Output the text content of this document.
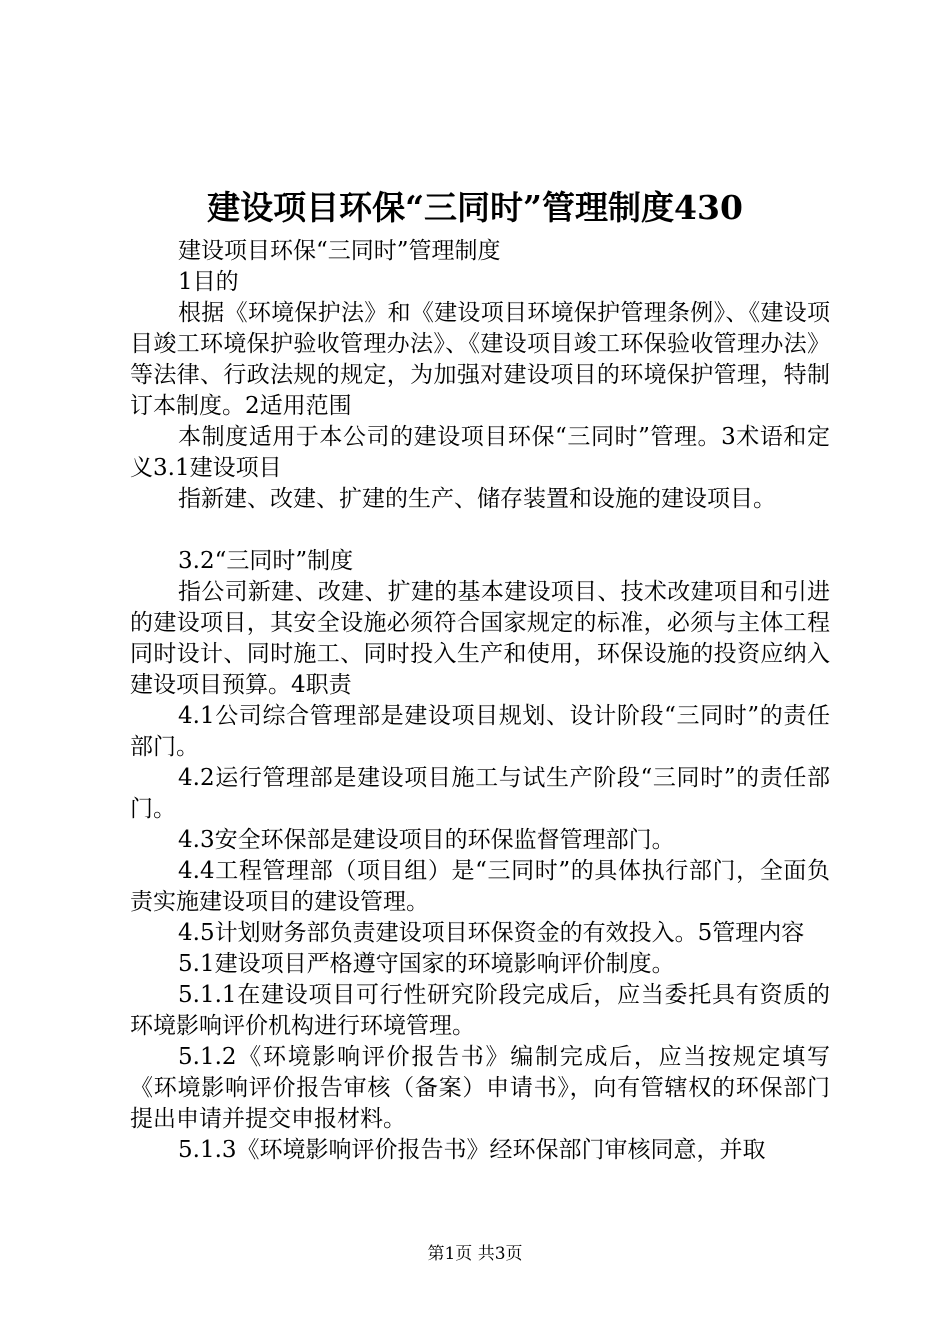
建设项目环保“三同时”管理制度430

建设项目环保“三同时”管理制度

1目的

根据《环境保护法》和《建设项目环境保护管理条例》、《建设项目竣工环境保护验收管理办法》、《建设项目竣工环保验收管理办法》等法律、行政法规的规定，为加强对建设项目的环境保护管理，特制订本制度。2适用范围

本制度适用于本公司的建设项目环保“三同时”管理。3术语和定义3.1建设项目

指新建、改建、扩建的生产、储存装置和设施的建设项目。

3.2“三同时”制度

指公司新建、改建、扩建的基本建设项目、技术改建项目和引进的建设项目，其安全设施必须符合国家规定的标准，必须与主体工程同时设计、同时施工、同时投入生产和使用，环保设施的投资应纳入建设项目预算。4职责

4.1公司综合管理部是建设项目规划、设计阶段“三同时”的责任部门。

4.2运行管理部是建设项目施工与试生产阶段“三同时”的责任部门。

4.3安全环保部是建设项目的环保监督管理部门。

4.4工程管理部（项目组）是“三同时”的具体执行部门，全面负责实施建设项目的建设管理。

4.5计划财务部负责建设项目环保资金的有效投入。5管理内容

5.1建设项目严格遵守国家的环境影响评价制度。

5.1.1在建设项目可行性研究阶段完成后，应当委托具有资质的环境影响评价机构进行环境管理。

5.1.2《环境影响评价报告书》编制完成后，应当按规定填写《环境影响评价报告审核（备案）申请书》，向有管辖权的环保部门提出申请并提交申报材料。

5.1.3《环境影响评价报告书》经环保部门审核同意，并取

第1页 共3页
